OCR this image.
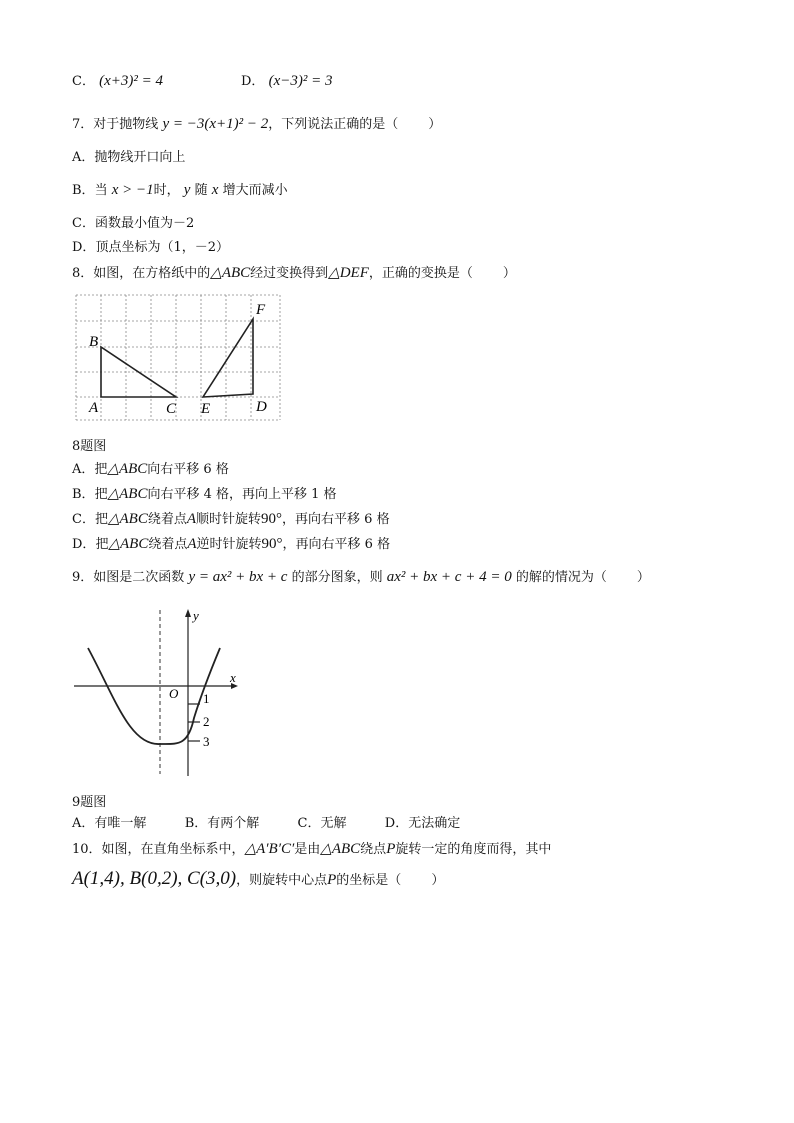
C． (x+3)² = 4	D． (x−3)² = 3
7．对于抛物线 y = −3(x+1)² − 2，下列说法正确的是（ ）
A．抛物线开口向上
B．当 x > −1时， y 随 x 增大而减小
C．函数最小值为－2
D．顶点坐标为（1，－2）
8．如图，在方格纸中的△ABC经过变换得到△DEF，正确的变换是（ ）
B
A	C E	D
F
8题图
A．把△ABC向右平移 6 格
B．把△ABC向右平移 4 格，再向上平移 1 格
C．把△ABC绕着点A顺时针旋转90°，再向右平移 6 格
D．把△ABC绕着点A逆时针旋转90°，再向右平移 6 格
9．如图是二次函数 y = ax² + bx + c 的部分图象，则 ax² + bx + c + 4 = 0 的解的情况为（ ）
y
x
O 1
2
3
9题图
A．有唯一解	B．有两个解	C．无解	D．无法确定
10．如图，在直角坐标系中，△A′B′C′是由△ABC绕点P旋转一定的角度而得，其中
A(1,4), B(0,2), C(3,0)，则旋转中心点P的坐标是（ ）
